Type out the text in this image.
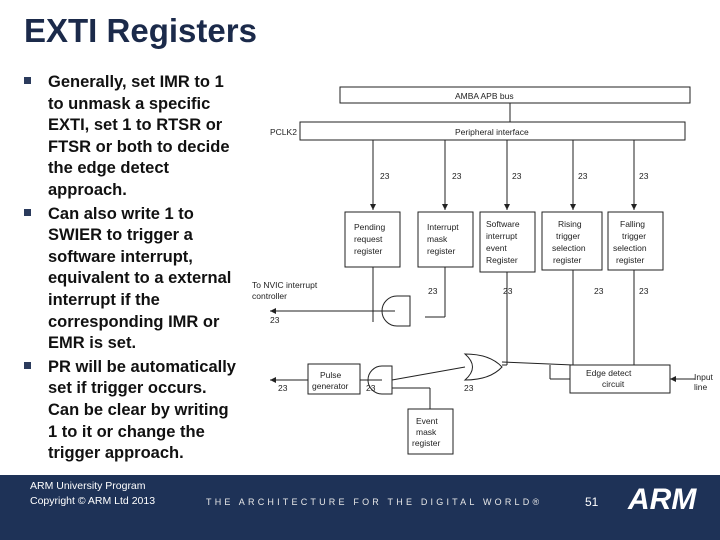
EXTI Registers
Generally, set IMR to 1
to unmask a specific
EXTI, set 1 to RTSR or
FTSR or both to decide
the edge detect
approach.
Can also write 1 to
SWIER to trigger a
software interrupt,
equivalent to a external
interrupt if the
corresponding IMR or
EMR is set.
PR will be automatically
set if trigger occurs.
Can be clear by writing
1 to it or change the
trigger approach.
AMBA APB bus
PCLK2	Peripheral interface
23	23	23	23	23
Pending request register
Interrupt mask register
Software interrupt event Register
Rising trigger selection register
Falling trigger selection register
To NVIC interrupt controller	23	23	23	23
23
Pulse generator
Edge detect circuit
Input line
23	23	23
Event mask register
ARM University Program
Copyright © ARM Ltd 2013	THE ARCHITECTURE FOR THE DIGITAL WORLD®	51 ARM
